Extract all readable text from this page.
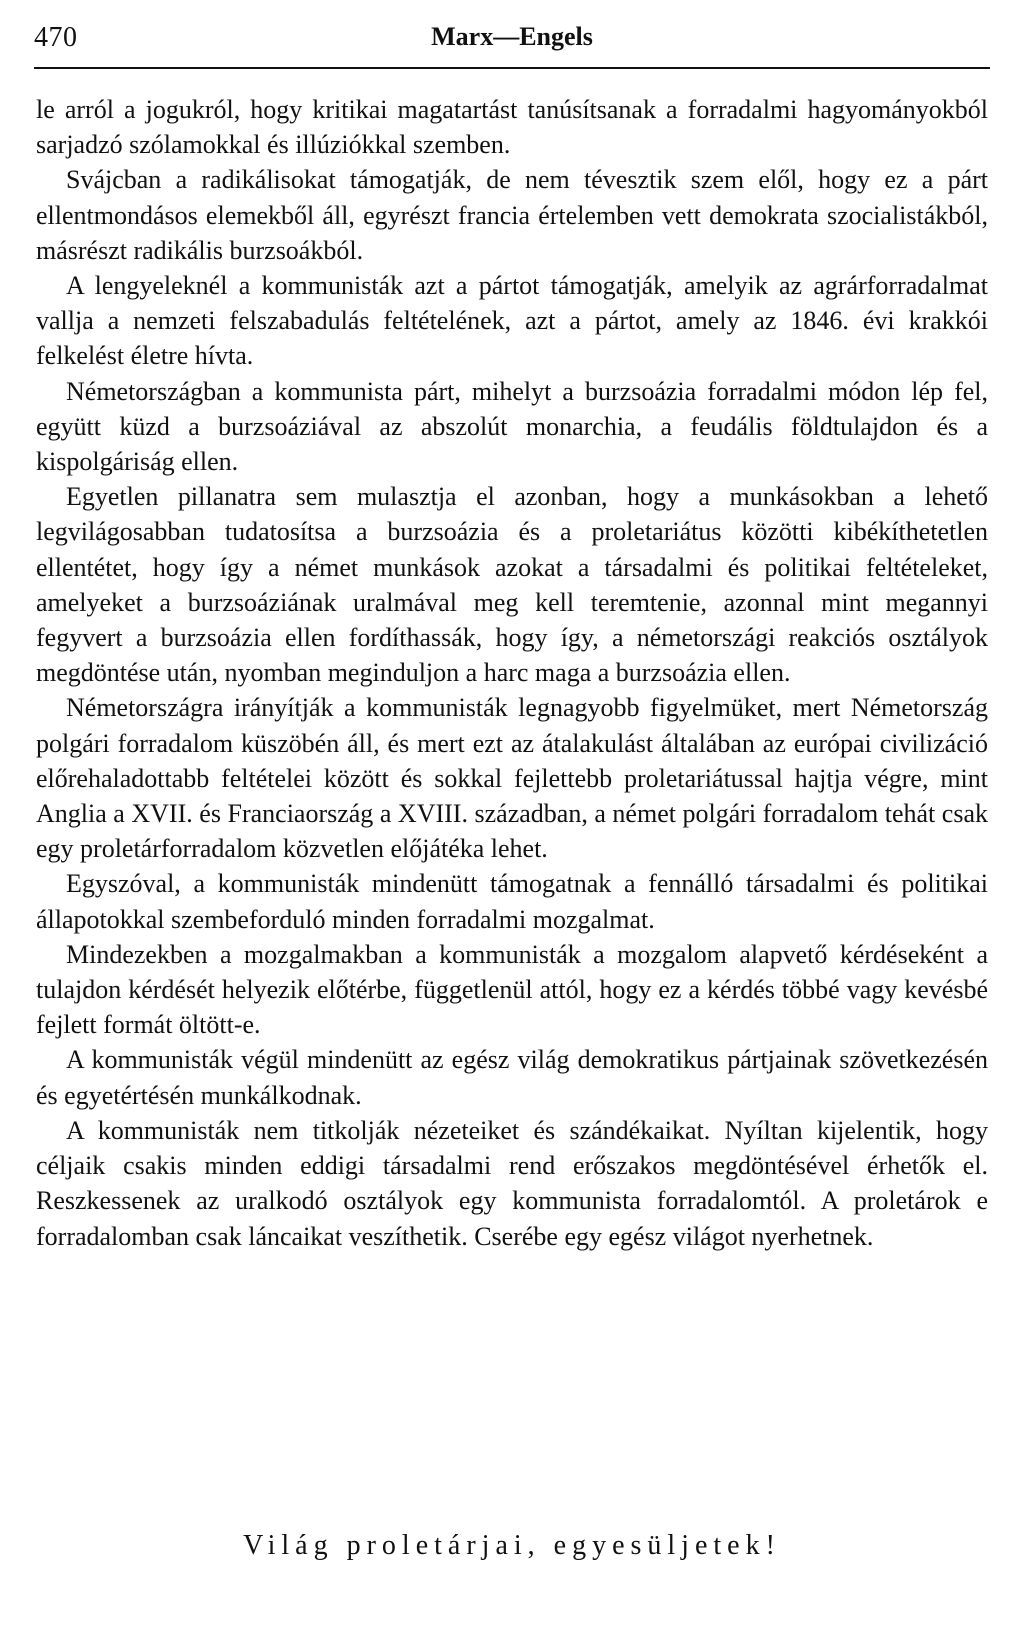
470	Marx—Engels

le arról a jogukról, hogy kritikai magatartást tanúsítsanak a forradalmi hagyományokból sarjadzó szólamokkal és illúziókkal szemben.

Svájcban a radikálisokat támogatják, de nem tévesztik szem elől, hogy ez a párt ellentmondásos elemekből áll, egyrészt francia értelemben vett demokrata szocialistákból, másrészt radikális burzsoákból.

A lengyeleknél a kommunisták azt a pártot támogatják, amelyik az agrárforradalmat vallja a nemzeti felszabadulás feltételének, azt a pártot, amely az 1846. évi krakkói felkelést életre hívta.

Németországban a kommunista párt, mihelyt a burzsoázia forradalmi módon lép fel, együtt küzd a burzsoáziával az abszolút monarchia, a feudális földtulajdon és a kispolgáriság ellen.

Egyetlen pillanatra sem mulasztja el azonban, hogy a munkásokban a lehető legvilágosabban tudatosítsa a burzsoázia és a proletariátus közötti kibékíthetetlen ellentétet, hogy így a német munkások azokat a társadalmi és politikai feltételeket, amelyeket a burzsoáziának uralmával meg kell teremtenie, azonnal mint megannyi fegyvert a burzsoázia ellen fordíthassák, hogy így, a németországi reakciós osztályok megdöntése után, nyomban meginduljon a harc maga a burzsoázia ellen.

Németországra irányítják a kommunisták legnagyobb figyelmüket, mert Németország polgári forradalom küszöbén áll, és mert ezt az átalakulást általában az európai civilizáció előrehaladottabb feltételei között és sokkal fejlettebb proletariátussal hajtja végre, mint Anglia a XVII. és Franciaország a XVIII. században, a német polgári forradalom tehát csak egy proletárforradalom közvetlen előjátéka lehet.

Egyszóval, a kommunisták mindenütt támogatnak a fennálló társadalmi és politikai állapotokkal szembeforduló minden forradalmi mozgalmat.

Mindezekben a mozgalmakban a kommunisták a mozgalom alapvető kérdéseként a tulajdon kérdését helyezik előtérbe, függetlenül attól, hogy ez a kérdés többé vagy kevésbé fejlett formát öltött-e.

A kommunisták végül mindenütt az egész világ demokratikus pártjainak szövetkezésén és egyetértésén munkálkodnak.

A kommunisták nem titkolják nézeteiket és szándékaikat. Nyíltan kijelentik, hogy céljaik csakis minden eddigi társadalmi rend erőszakos megdöntésével érhetők el. Reszkessenek az uralkodó osztályok egy kommunista forradalomtól. A proletárok e forradalomban csak láncaikat veszíthetik. Cserébe egy egész világot nyerhetnek.

Világ proletárjai, egyesüljetek!
